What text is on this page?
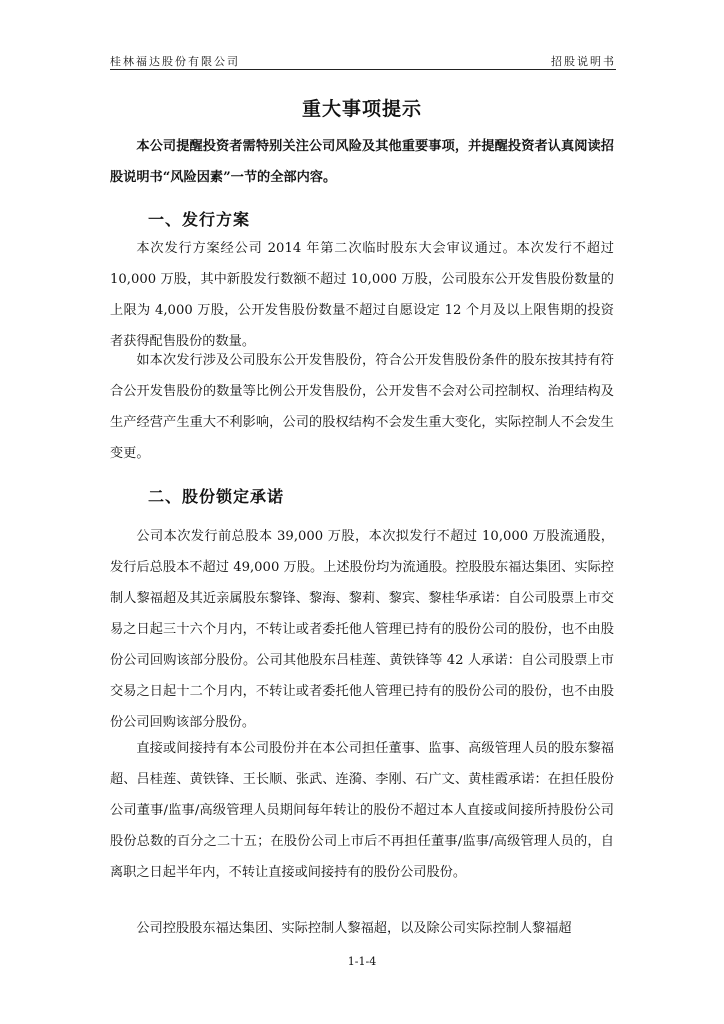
桂林福达股份有限公司	招股说明书
重大事项提示

本公司提醒投资者需特别关注公司风险及其他重要事项，并提醒投资者认真阅读招股说明书“风险因素”一节的全部内容。

一、发行方案

本次发行方案经公司 2014 年第二次临时股东大会审议通过。本次发行不超过 10,000 万股，其中新股发行数额不超过 10,000 万股，公司股东公开发售股份数量的上限为 4,000 万股，公开发售股份数量不超过自愿设定 12 个月及以上限售期的投资者获得配售股份的数量。

如本次发行涉及公司股东公开发售股份，符合公开发售股份条件的股东按其持有符合公开发售股份的数量等比例公开发售股份，公开发售不会对公司控制权、治理结构及生产经营产生重大不利影响，公司的股权结构不会发生重大变化，实际控制人不会发生变更。

二、股份锁定承诺

公司本次发行前总股本 39,000 万股，本次拟发行不超过 10,000 万股流通股，发行后总股本不超过 49,000 万股。上述股份均为流通股。控股股东福达集团、实际控制人黎福超及其近亲属股东黎锋、黎海、黎莉、黎宾、黎桂华承诺：自公司股票上市交易之日起三十六个月内，不转让或者委托他人管理已持有的股份公司的股份，也不由股份公司回购该部分股份。公司其他股东吕桂莲、黄铁锋等 42 人承诺：自公司股票上市交易之日起十二个月内，不转让或者委托他人管理已持有的股份公司的股份，也不由股份公司回购该部分股份。

直接或间接持有本公司股份并在本公司担任董事、监事、高级管理人员的股东黎福超、吕桂莲、黄铁锋、王长顺、张武、连漪、李刚、石广文、黄桂霞承诺：在担任股份公司董事/监事/高级管理人员期间每年转让的股份不超过本人直接或间接所持股份公司股份总数的百分之二十五；在股份公司上市后不再担任董事/监事/高级管理人员的，自离职之日起半年内，不转让直接或间接持有的股份公司股份。

公司控股股东福达集团、实际控制人黎福超，以及除公司实际控制人黎福超

1-1-4
